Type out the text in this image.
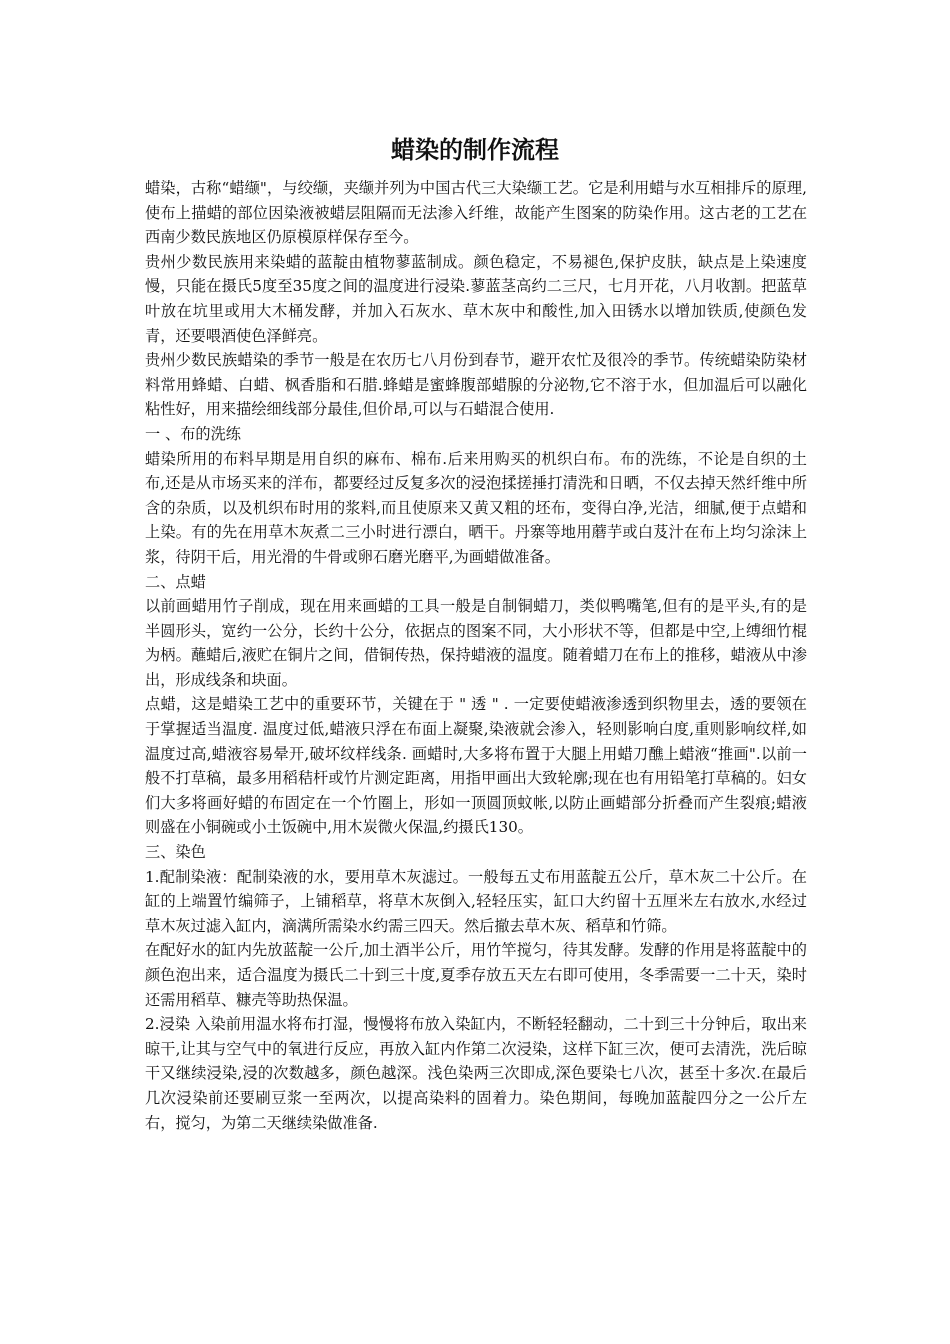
蜡染的制作流程

蜡染，古称“蜡缬"，与绞缬，夹缬并列为中国古代三大染缬工艺。它是利用蜡与水互相排斥的原理,使布上描蜡的部位因染液被蜡层阻隔而无法渗入纤维，故能产生图案的防染作用。这古老的工艺在西南少数民族地区仍原模原样保存至今。

贵州少数民族用来染蜡的蓝靛由植物蓼蓝制成。颜色稳定，不易褪色,保护皮肤，缺点是上染速度慢，只能在摄氏5度至35度之间的温度进行浸染.蓼蓝茎高约二三尺，七月开花，八月收割。把蓝草叶放在坑里或用大木桶发酵，并加入石灰水、草木灰中和酸性,加入田锈水以增加铁质,使颜色发青，还要喂酒使色泽鲜亮。

贵州少数民族蜡染的季节一般是在农历七八月份到春节，避开农忙及很冷的季节。传统蜡染防染材料常用蜂蜡、白蜡、枫香脂和石腊.蜂蜡是蜜蜂腹部蜡腺的分泌物,它不溶于水，但加温后可以融化粘性好，用来描绘细线部分最佳,但价昂,可以与石蜡混合使用.

一 、布的洗练

蜡染所用的布料早期是用自织的麻布、棉布.后来用购买的机织白布。布的洗练，不论是自织的土布,还是从市场买来的洋布，都要经过反复多次的浸泡揉搓捶打清洗和日晒，不仅去掉天然纤维中所含的杂质，以及机织布时用的浆料,而且使原来又黄又粗的坯布，变得白净,光洁，细腻,便于点蜡和上染。有的先在用草木灰煮二三小时进行漂白，晒干。丹寨等地用蘑芋或白芨汁在布上均匀涂沫上浆，待阴干后，用光滑的牛骨或卵石磨光磨平,为画蜡做准备。

二、点蜡

以前画蜡用竹子削成，现在用来画蜡的工具一般是自制铜蜡刀，类似鸭嘴笔,但有的是平头,有的是半圆形头，宽约一公分，长约十公分，依据点的图案不同，大小形状不等，但都是中空,上缚细竹棍为柄。蘸蜡后,液贮在铜片之间，借铜传热，保持蜡液的温度。随着蜡刀在布上的推移，蜡液从中渗出，形成线条和块面。

点蜡，这是蜡染工艺中的重要环节，关键在于 " 透 " . 一定要使蜡液渗透到织物里去，透的要领在于掌握适当温度. 温度过低,蜡液只浮在布面上凝聚,染液就会渗入，轻则影响白度,重则影响纹样,如温度过高,蜡液容易晕开,破坏纹样线条. 画蜡时,大多将布置于大腿上用蜡刀醮上蜡液“推画".以前一般不打草稿，最多用稻秸杆或竹片测定距离，用指甲画出大致轮廓;现在也有用铅笔打草稿的。妇女们大多将画好蜡的布固定在一个竹圈上，形如一顶圆顶蚊帐,以防止画蜡部分折叠而产生裂痕;蜡液则盛在小铜碗或小土饭碗中,用木炭微火保温,约摄氏130。

三、染色

1.配制染液：配制染液的水，要用草木灰滤过。一般每五丈布用蓝靛五公斤，草木灰二十公斤。在缸的上端置竹编筛子，上铺稻草，将草木灰倒入,轻轻压实，缸口大约留十五厘米左右放水,水经过草木灰过滤入缸内，滴满所需染水约需三四天。然后撤去草木灰、稻草和竹筛。

在配好水的缸内先放蓝靛一公斤,加土酒半公斤，用竹竿搅匀，待其发酵。发酵的作用是将蓝靛中的颜色泡出来，适合温度为摄氏二十到三十度,夏季存放五天左右即可使用，冬季需要一二十天，染时还需用稻草、糠壳等助热保温。

2.浸染 入染前用温水将布打湿，慢慢将布放入染缸内，不断轻轻翻动，二十到三十分钟后，取出来晾干,让其与空气中的氧进行反应，再放入缸内作第二次浸染，这样下缸三次，便可去清洗，洗后晾干又继续浸染,浸的次数越多，颜色越深。浅色染两三次即成,深色要染七八次，甚至十多次.在最后几次浸染前还要刷豆浆一至两次，以提高染料的固着力。染色期间，每晚加蓝靛四分之一公斤左右，搅匀，为第二天继续染做准备.
